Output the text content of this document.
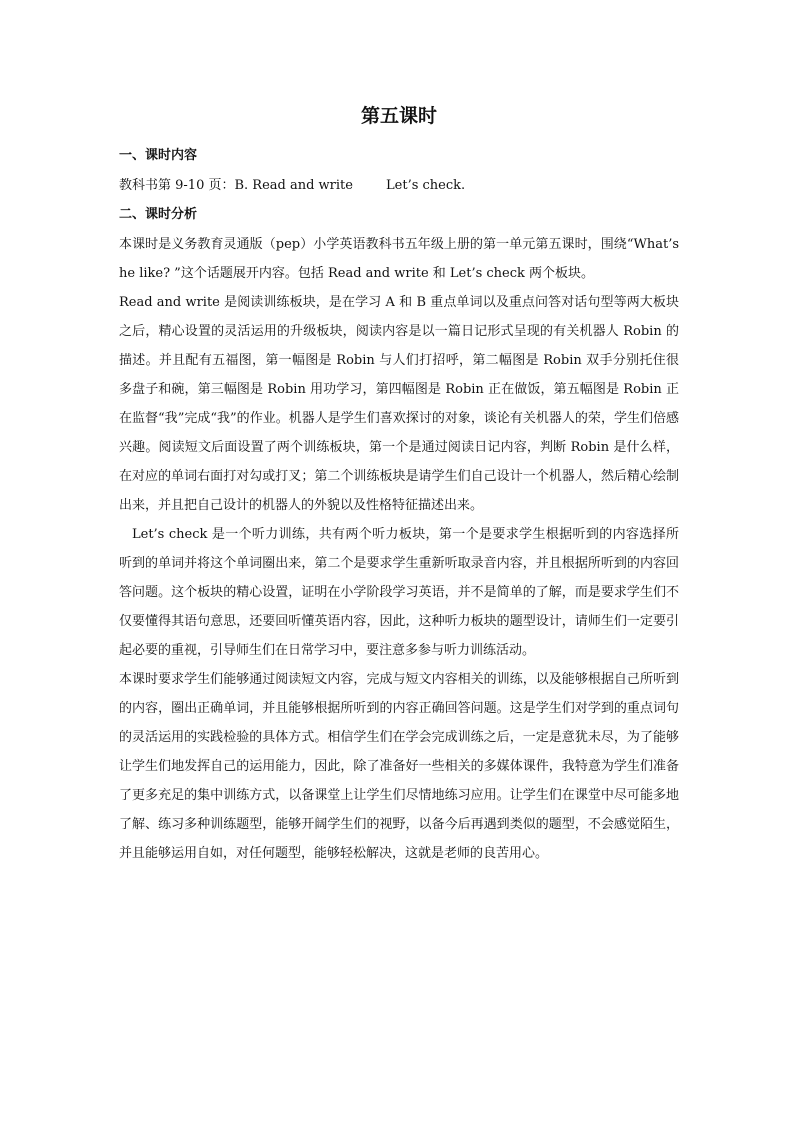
第五课时
一、课时内容

教科书第 9-10 页：B. Read and write        Let’s check.

二、课时分析

本课时是义务教育灵通版（pep）小学英语教科书五年级上册的第一单元第五课时，围绕“What’s he like? ”这个话题展开内容。包括 Read and write 和 Let’s check 两个板块。

Read and write 是阅读训练板块，是在学习 A 和 B 重点单词以及重点问答对话句型等两大板块之后，精心设置的灵活运用的升级板块，阅读内容是以一篇日记形式呈现的有关机器人 Robin 的描述。并且配有五福图，第一幅图是 Robin 与人们打招呼，第二幅图是 Robin 双手分别托住很多盘子和碗，第三幅图是 Robin 用功学习，第四幅图是 Robin 正在做饭，第五幅图是 Robin 正在监督“我”完成“我”的作业。机器人是学生们喜欢探讨的对象，谈论有关机器人的荣，学生们倍感兴趣。阅读短文后面设置了两个训练板块，第一个是通过阅读日记内容，判断 Robin 是什么样，在对应的单词右面打对勾或打叉；第二个训练板块是请学生们自己设计一个机器人，然后精心绘制出来，并且把自己设计的机器人的外貌以及性格特征描述出来。

Let’s check 是一个听力训练，共有两个听力板块，第一个是要求学生根据听到的内容选择所听到的单词并将这个单词圈出来，第二个是要求学生重新听取录音内容，并且根据所听到的内容回答问题。这个板块的精心设置，证明在小学阶段学习英语，并不是简单的了解，而是要求学生们不仅要懂得其语句意思，还要回听懂英语内容，因此，这种听力板块的题型设计，请师生们一定要引起必要的重视，引导师生们在日常学习中，要注意多参与听力训练活动。

本课时要求学生们能够通过阅读短文内容，完成与短文内容相关的训练，以及能够根据自己所听到的内容，圈出正确单词，并且能够根据所听到的内容正确回答问题。这是学生们对学到的重点词句的灵活运用的实践检验的具体方式。相信学生们在学会完成训练之后，一定是意犹未尽，为了能够让学生们地发挥自己的运用能力，因此，除了准备好一些相关的多媒体课件，我特意为学生们准备了更多充足的集中训练方式，以备课堂上让学生们尽情地练习应用。让学生们在课堂中尽可能多地了解、练习多种训练题型，能够开阔学生们的视野，以备今后再遇到类似的题型，不会感觉陌生，并且能够运用自如，对任何题型，能够轻松解决，这就是老师的良苦用心。
